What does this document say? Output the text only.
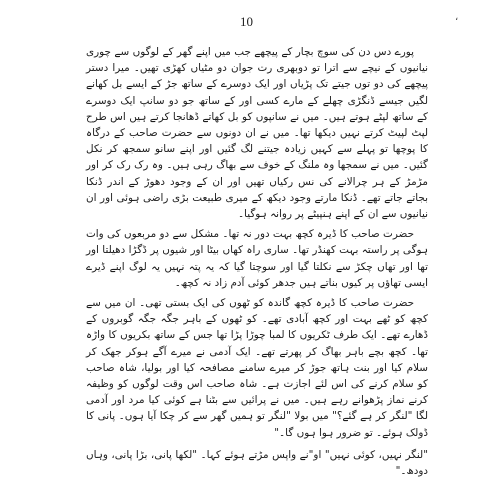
10	،

پورے دس دن کی سوچ بچار کے پیچھے جب میں اپنے گھر کے لوگوں سے چوری نیانیوں کے نیچے سے اترا تو دوبھری رت جوان دو مٹیاں کھڑی تھیں۔ میرا دستر پیچھے کی دو توں جیتے تک پڑیاں اور ایک دوسرے کے ساتھ جڑ کے ایسے بل کھانے لگیں جیسے ڈنگڑی چھلے کے مارے کسی اور کے ساتھ جو دو سانپ ایک دوسرے کے ساتھ لپٹے ہوتے ہیں۔ میں نے سانپوں کو بل کھاتے ڈھانجا کرتے ہیں اس طرح لپٹ لپیٹ کرتے نہیں دیکھا تھا۔ میں نے ان دونوں سے حضرت صاحب کے درگاہ کا پوچھا تو پہلے سے کہیں زیادہ جیتنے لگ گئیں اور اپنے سانو سمجھ کر نکل گئیں۔ میں نے سمجھا وہ ملنگ کے خوف سے بھاگ رہی ہیں۔ وہ رک رک کر اور مڑمڑ کے ہر چرالانے کی نس رکیاں تھیں اور ان کے وجود دھوڑ کے اندر ڈنکا بجاتے جاتے تھے۔ ڈنکا مارتے وجود دیکھ کے میری طبیعت بڑی راضی ہوئی اور ان نیانیوں سے ان کے اپنے ہنپیٹے پر روانہ ہوگیا۔

حضرت صاحب کا ڈیرہ کچھ بہت دور نہ تھا۔ مشکل سے دو مربعوں کی وات ہوگی پر راستہ بہت کھنڈر تھا۔ ساری راہ کھاں بیٹا اور شیوں پر ڈگڑا دھیلتا اور تھا اور تھاں چکڑ سے نکلتا گیا اور سوچتا گیا کہ یہ پتہ نہیں یہ لوگ اپنے ڈیرے ایسی تھاؤں پر کیوں بناتے ہیں جدھر کوئی آدم زاد نہ کچھ۔

حضرت صاحب کا ڈیرہ کچھ گاندہ کو ٹھوں کی ایک بستی تھی۔ ان میں سے کچھ کو ٹھے بہت اور کچھ آبادی تھے۔ کو ٹھوں کے باہر جگہ جگہ گوبروں کے ڈھارے تھے۔ ایک طرف ٹکریوں کا لمبا چوڑا پڑا تھا جس کے ساتھ بکریوں کا واڑہ تھا۔ کچھ بچے باہر بھاگ کر پھرتے تھے۔ ایک آدمی نے میرے آگے ہوکر جھک کر سلام کیا اور بنت ہاتھ جوڑ کر میرے سامنے مصافحہ کیا اور بولیا، شاہ صاحب کو سلام کرنے کی اس لئے اجازت ہے۔ شاہ صاحب اس وقت لوگوں کو وظیفہ کرنے نماز پڑھوانے رہے ہیں۔ میں نے پرائیں سے بٹنا ہے کوئی کیا مرد اور آدمی لگا "لنگر کر ہے گئے؟" میں بولا "لنگر تو ہمیں گھر سے کر چکا آیا ہوں۔ پانی کا ڈولک ہوئے۔ تو ضرور ہوا ہوں گا۔"

"لنگر نہیں، کوئی نہیں" او"نے واپس مڑتے ہوئے کہا۔ "لکھا پانی، بڑا پانی، وہاں دودھ۔"
